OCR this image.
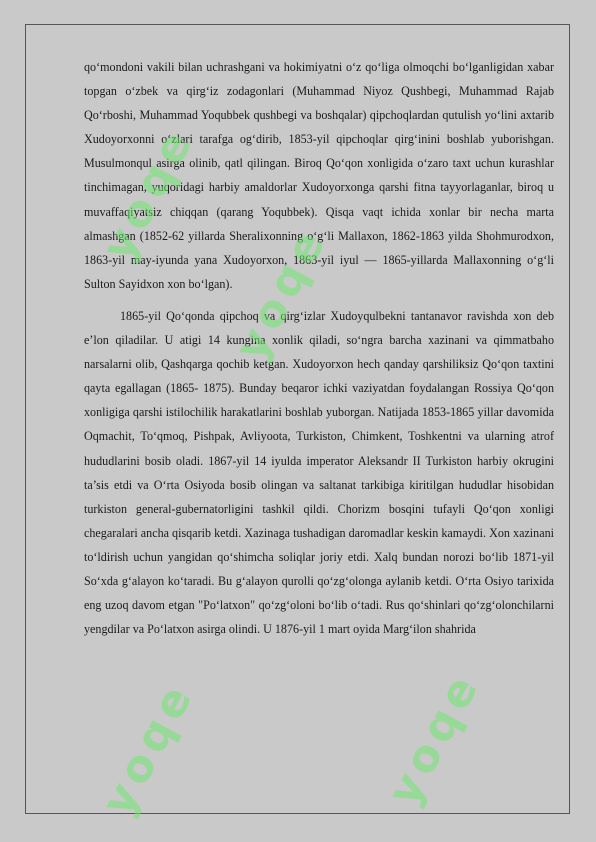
qo‘mondoni vakili bilan uchrashgani va hokimiyatni o‘z qo‘liga olmoqchi bo‘lganligidan xabar topgan o‘zbek va qirg‘iz zodagonlari (Muhammad Niyoz Qushbegi, Muhammad Rajab Qo‘rboshi, Muhammad Yoqubbek qushbegi va boshqalar) qipchoqlardan qutulish yo‘lini axtarib Xudoyorxonni o‘zlari tarafga og‘dirib, 1853-yil qipchoqlar qirg‘inini boshlab yuborishgan. Musulmonqul asirga olinib, qatl qilingan. Biroq Qo‘qon xonligida o‘zaro taxt uchun kurashlar tinchimagan, yuqoridagi harbiy amaldorlar Xudoyorxonga qarshi fitna tayyorlaganlar, biroq u muvaffaqiyatsiz chiqqan (qarang Yoqubbek). Qisqa vaqt ichida xonlar bir necha marta almashgan (1852-62 yillarda Sheralixonning o‘g‘li Mallaxon, 1862-1863 yilda Shohmurodxon, 1863-yil may-iyunda yana Xudoyorxon, 1863-yil iyul — 1865-yillarda Mallaxonning o‘g‘li Sulton Sayidxon xon bo‘lgan).

1865-yil Qo‘qonda qipchoq va qirg‘izlar Xudoyqulbekni tantanavor ravishda xon deb e’lon qiladilar. U atigi 14 kungina xonlik qiladi, so‘ngra barcha xazinani va qimmatbaho narsalarni olib, Qashqarga qochib ketgan. Xudoyorxon hech qanday qarshiliksiz Qo‘qon taxtini qayta egallagan (1865- 1875). Bunday beqaror ichki vaziyatdan foydalangan Rossiya Qo‘qon xonligiga qarshi istilochilik harakatlarini boshlab yuborgan. Natijada 1853-1865 yillar davomida Oqmachit, To‘qmoq, Pishpak, Avliyoota, Turkiston, Chimkent, Toshkentni va ularning atrof hududlarini bosib oladi. 1867-yil 14 iyulda imperator Aleksandr II Turkiston harbiy okrugini ta’sis etdi va O‘rta Osiyoda bosib olingan va saltanat tarkibiga kiritilgan hududlar hisobidan turkiston general-gubernatorligini tashkil qildi. Chorizm bosqini tufayli Qo‘qon xonligi chegaralari ancha qisqarib ketdi. Xazinaga tushadigan daromadlar keskin kamaydi. Xon xazinani to‘ldirish uchun yangidan qo‘shimcha soliqlar joriy etdi. Xalq bundan norozi bo‘lib 1871-yil So‘xda g‘alayon ko‘taradi. Bu g‘alayon qurolli qo‘zg‘olonga aylanib ketdi. O‘rta Osiyo tarixida eng uzoq davom etgan "Po‘latxon" qo‘zg‘oloni bo‘lib o‘tadi. Rus qo‘shinlari qo‘zg‘olonchilarni yengdilar va Po‘latxon asirga olindi. U 1876-yil 1 mart oyida Marg‘ilon shahrida

yoqe
yoqe
yoqe	yoqe
